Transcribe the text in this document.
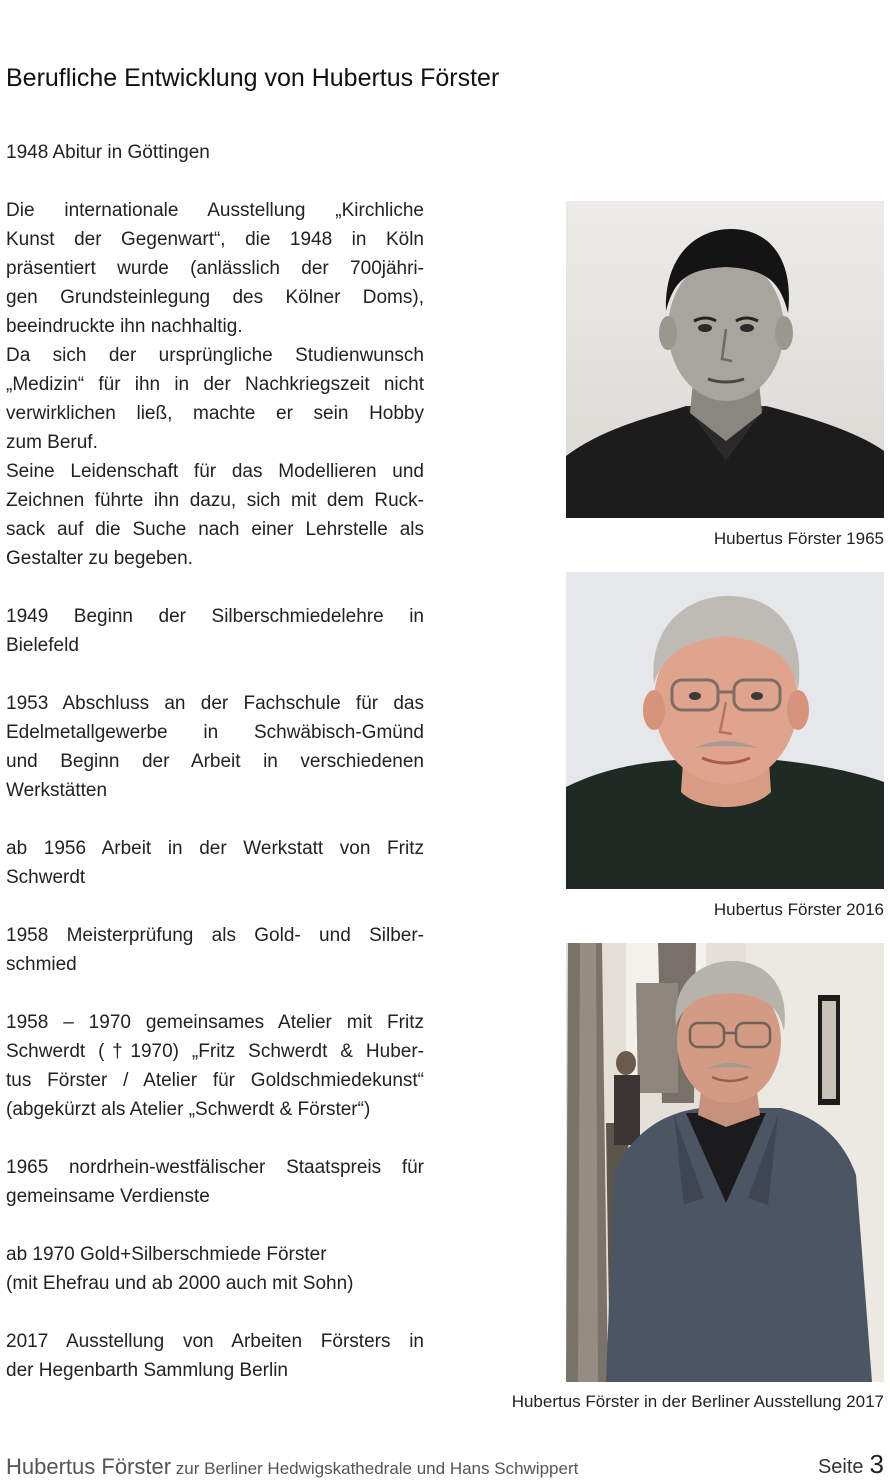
Berufliche Entwicklung von Hubertus Förster
1948 Abitur in Göttingen
Die internationale Ausstellung „Kirchliche
Kunst der Gegenwart“, die 1948 in Köln
präsentiert wurde (anlässlich der 700jähri-
gen Grundsteinlegung des Kölner Doms),
beeindruckte ihn nachhaltig.
Da sich der ursprüngliche Studienwunsch
„Medizin“ für ihn in der Nachkriegszeit nicht
verwirklichen ließ, machte er sein Hobby
zum Beruf.
Seine Leidenschaft für das Modellieren und
Zeichnen führte ihn dazu, sich mit dem Ruck-
sack auf die Suche nach einer Lehrstelle als
Gestalter zu begeben.
1949 Beginn der Silberschmiedelehre in
Bielefeld
1953 Abschluss an der Fachschule für das
Edelmetallgewerbe in Schwäbisch-Gmünd
und Beginn der Arbeit in verschiedenen
Werkstätten
ab 1956 Arbeit in der Werkstatt von Fritz
Schwerdt
1958 Meisterprüfung als Gold- und Silber-
schmied
1958 – 1970 gemeinsames Atelier mit Fritz
Schwerdt (†1970) „Fritz Schwerdt & Huber-
tus Förster / Atelier für Goldschmiedekunst“
(abgekürzt als Atelier „Schwerdt & Förster“)
1965 nordrhein-westfälischer Staatspreis für
gemeinsame Verdienste
ab 1970 Gold+Silberschmiede Förster
(mit Ehefrau und ab 2000 auch mit Sohn)
2017 Ausstellung von Arbeiten Försters in
der Hegenbarth Sammlung Berlin
Hubertus Förster 1965
Hubertus Förster 2016
Hubertus Förster in der Berliner Ausstellung 2017
Hubertus Förster zur Berliner Hedwigskathedrale und Hans Schwippert	Seite 3
